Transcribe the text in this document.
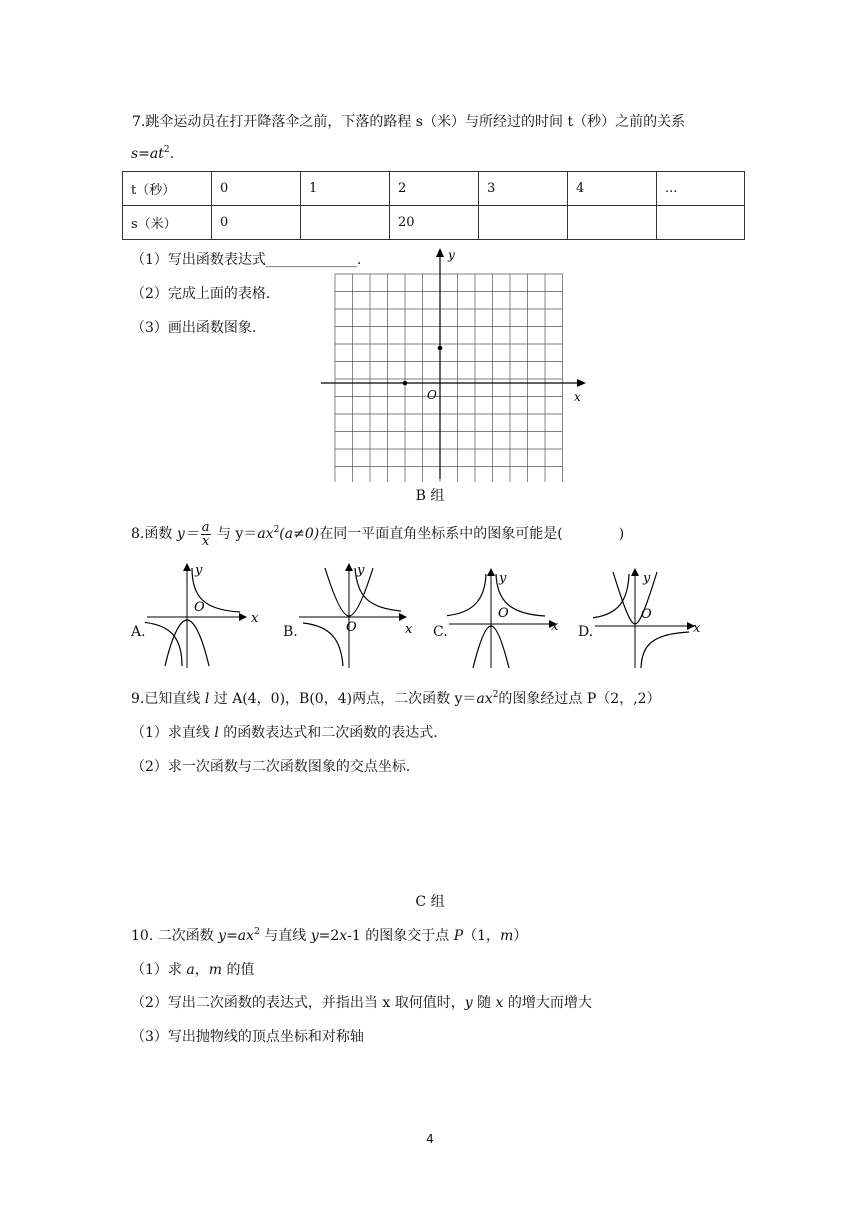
7.跳伞运动员在打开降落伞之前，下落的路程 s（米）与所经过的时间 t（秒）之前的关系
$s=at^2$.
t（秒）	0	1	2	3	4	...
s（米）	0		20			
（1）写出函数表达式_____________.
（2）完成上面的表格.
（3）画出函数图象.
y
x
O
B 组
8.函数 $y= \frac{a}{x}$ 与 $y=ax^2(a\ne 0)$在同一平面直角坐标系中的图象可能是(	)
A.	B.	C.	D.
y
x
O
y
x
O
y
x
O
y
x
O
9.已知直线 l 过 A(4，0)，B(0，4)两点，二次函数 $y=ax^2$的图象经过点 P（2，,2）
（1）求直线 l 的函数表达式和二次函数的表达式.
（2）求一次函数与二次函数图象的交点坐标.
C 组
10. 二次函数 $y=ax^2$ 与直线 y=2x-1 的图象交于点 P（1，m）
（1）求 a，m 的值
（2）写出二次函数的表达式，并指出当 x 取何值时，y 随 x 的增大而增大
（3）写出抛物线的顶点坐标和对称轴
4
